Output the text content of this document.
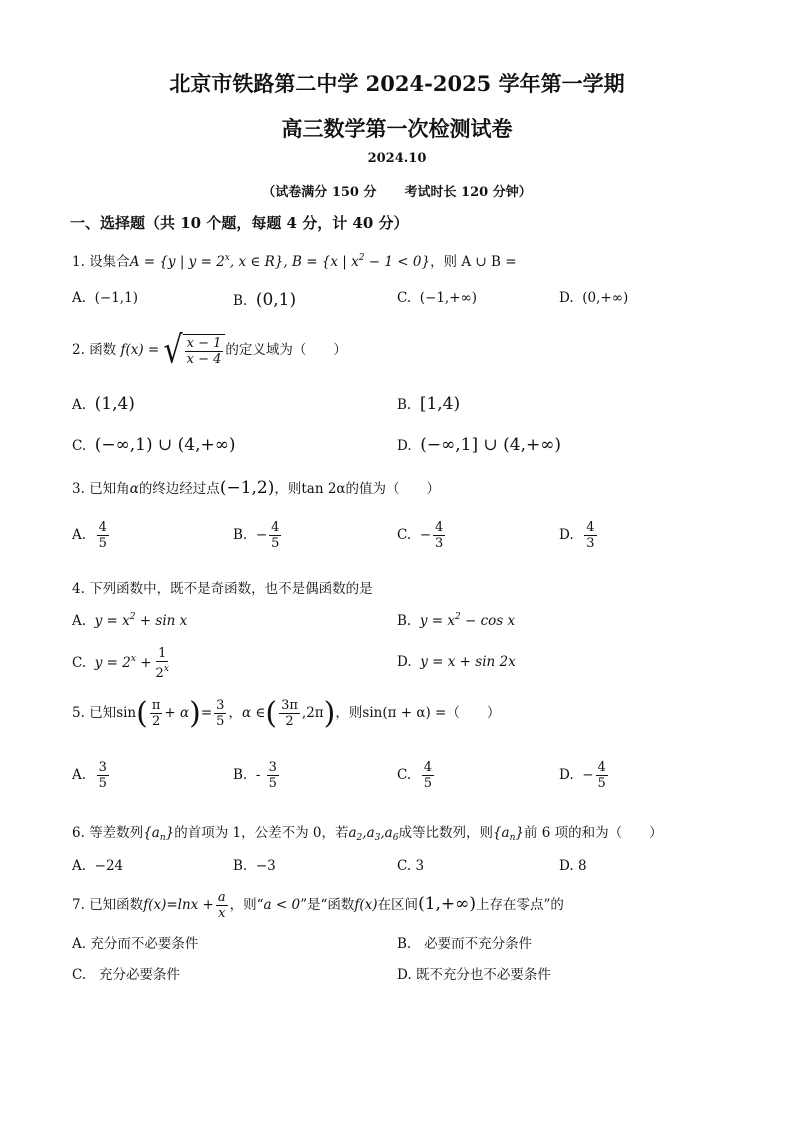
北京市铁路第二中学 2024-2025 学年第一学期
高三数学第一次检测试卷
2024.10
（试卷满分 150 分 考试时长 120 分钟）
一、选择题（共 10 个题，每题 4 分，计 40 分）
1. 设集合A = {y | $y = 2^x$, x ∈ R}, B = {x | $x^2 - 1 < 0$}，则 A ∪ B =
A. (−1,1)	B. (0,1)	C. (−1,+∞)	D. (0,+∞)
2. 函数 f(x) = √ $\frac{x - 1}{x - 4}$ 的定义域为（　　）
A. (1,4)	B. [1,4)
C. (−∞,1) ∪ (4,+∞)	D. (−∞,1] ∪ (4,+∞)
3. 已知角α的终边经过点(−1,2)，则tan 2α的值为（　　）
A. $\frac{4}{5}$	B. − $\frac{4}{5}$	C. − $\frac{4}{3}$	D. $\frac{4}{3}$
4. 下列函数中，既不是奇函数，也不是偶函数的是
A. $y = x^2 + \sin x$	B. $y = x^2 - \cos x$
C. $y = 2^x + \frac{1}{2^x}$	D. y = x + sin 2x
5. 已知$\sin( \frac{\pi}{2} + \alpha)= \frac{3}{5}$ ，α ∈( $\frac{3\pi}{2} ,2\pi$)，则sin(π + α) =（　　）
A. $\frac{3}{5}$	B. - $\frac{3}{5}$	C. $\frac{4}{5}$	D. − $\frac{4}{5}$
6. 等差数列$\{a_n\}$的首项为 1，公差不为 0，若$a_2,a_3,a_6$成等比数列，则$\{a_n\}$前 6 项的和为（　　）
A. −24	B. −3	C. 3	D. 8
7. 已知函数$f(x)=\ln x + \frac{a}{x}$ ，则“a < 0”是“函数f(x)在区间(1,+∞)上存在零点”的
A. 充分而不必要条件	B. 必要而不充分条件
C. 充分必要条件	D. 既不充分也不必要条件
